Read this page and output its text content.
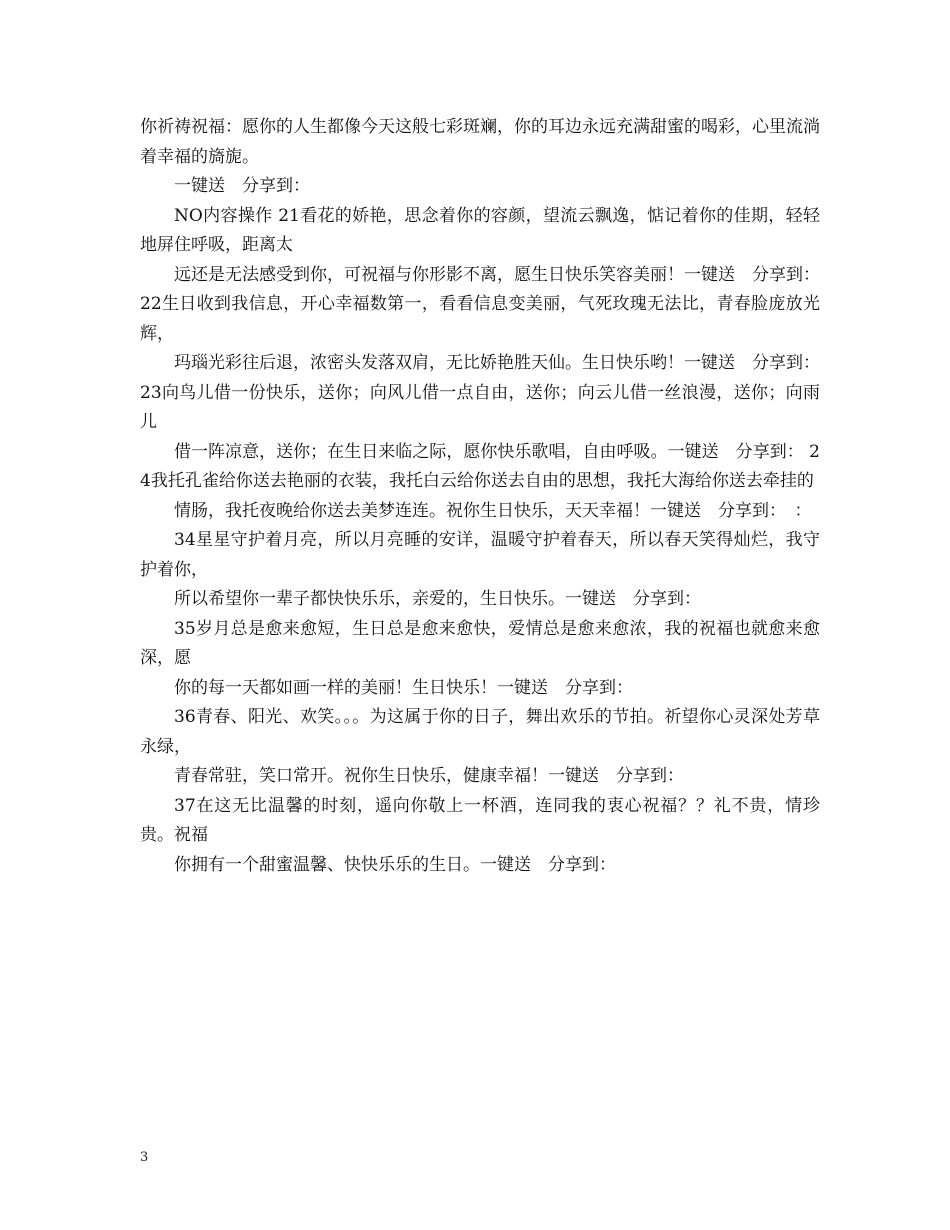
你祈祷祝福：愿你的人生都像今天这般七彩斑斓，你的耳边永远充满甜蜜的喝彩，心里流淌着幸福的旖旎。

一键送　分享到：

NO内容操作 21看花的娇艳，思念着你的容颜，望流云飘逸，惦记着你的佳期，轻轻地屏住呼吸，距离太

远还是无法感受到你，可祝福与你形影不离，愿生日快乐笑容美丽！一键送　分享到： 22生日收到我信息，开心幸福数第一，看看信息变美丽，气死玫瑰无法比，青春脸庞放光辉，

玛瑙光彩往后退，浓密头发落双肩，无比娇艳胜天仙。生日快乐哟！一键送　分享到： 23向鸟儿借一份快乐，送你；向风儿借一点自由，送你；向云儿借一丝浪漫，送你；向雨儿

借一阵凉意，送你；在生日来临之际，愿你快乐歌唱，自由呼吸。一键送　分享到： 24我托孔雀给你送去艳丽的衣装，我托白云给你送去自由的思想，我托大海给你送去牵挂的

情肠，我托夜晚给你送去美梦连连。祝你生日快乐，天天幸福！一键送　分享到：　：

34星星守护着月亮，所以月亮睡的安详，温暖守护着春天，所以春天笑得灿烂，我守护着你，

所以希望你一辈子都快快乐乐，亲爱的，生日快乐。一键送　分享到：

35岁月总是愈来愈短，生日总是愈来愈快，爱情总是愈来愈浓，我的祝福也就愈来愈深，愿

你的每一天都如画一样的美丽！生日快乐！一键送　分享到：

36青春、阳光、欢笑。。。为这属于你的日子，舞出欢乐的节拍。祈望你心灵深处芳草永绿，

青春常驻，笑口常开。祝你生日快乐，健康幸福！一键送　分享到：

37在这无比温馨的时刻，遥向你敬上一杯酒，连同我的衷心祝福？？礼不贵，情珍贵。祝福

你拥有一个甜蜜温馨、快快乐乐的生日。一键送　分享到：

3
